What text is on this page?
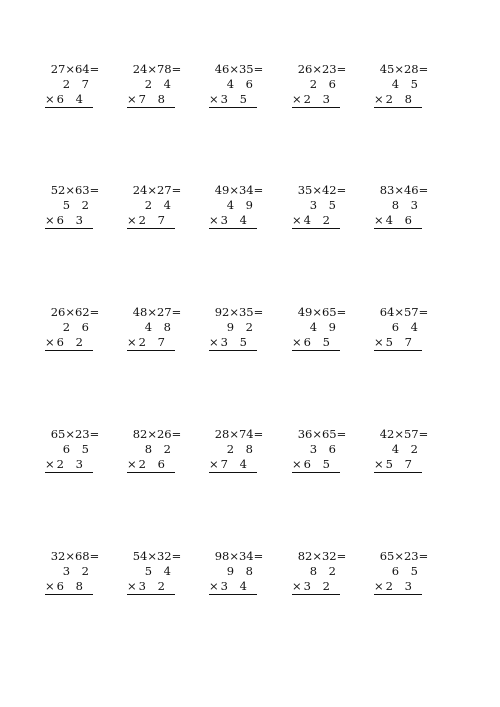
27×64=
2 7
× 6 4
24×78=
2 4
× 7 8
46×35=
4 6
× 3 5
26×23=
2 6
× 2 3
45×28=
4 5
× 2 8
52×63=
5 2
× 6 3
24×27=
2 4
× 2 7
49×34=
4 9
× 3 4
35×42=
3 5
× 4 2
83×46=
8 3
× 4 6
26×62=
2 6
× 6 2
48×27=
4 8
× 2 7
92×35=
9 2
× 3 5
49×65=
4 9
× 6 5
64×57=
6 4
× 5 7
65×23=
6 5
× 2 3
82×26=
8 2
× 2 6
28×74=
2 8
× 7 4
36×65=
3 6
× 6 5
42×57=
4 2
× 5 7
32×68=
3 2
× 6 8
54×32=
5 4
× 3 2
98×34=
9 8
× 3 4
82×32=
8 2
× 3 2
65×23=
6 5
× 2 3
